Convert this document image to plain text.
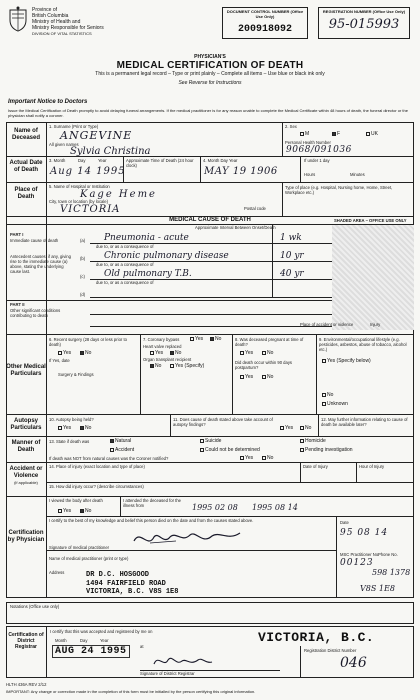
Province of
British Columbia
Ministry of Health and
Ministry Responsible for Seniors
DIVISION OF VITAL STATISTICS
DOCUMENT CONTROL NUMBER (Office Use Only)
200918092
REGISTRATION NUMBER (Office Use Only)
95-015993
PHYSICIAN'S
MEDICAL CERTIFICATION OF DEATH
This is a permanent legal record – Type or print plainly – Complete all items – Use blue or black ink only
See Reverse for Instructions
Important Notice to Doctors
Issue the Medical Certification of Death promptly to avoid delaying funeral arrangements. If the medical practitioner is for any reason unable to complete the Medical Certificate within 48 hours of death, the funeral director or the physician shall notify a coroner.
Name of Deceased
1. Surname (Print or Type)
ANGEVINE
All given names
Sylvia Christina
2. Sex
M	F	UK
Personal Health Number
9068/091036
Actual Date of Death
3. Month	Day	Year
Aug 14 1995
Approximate Time of Death (24 hour clock)
4. Month Day Year
MAY 19 1906
If under 1 day
Hours	Minutes
Place of Death
5. Name of Hospital or Institution
Kage Heme
City, town or location (by locale)
VICTORIA	Postal code
Type of place (e.g. Hospital, Nursing home, Home, Street, Workplace etc.)
MEDICAL CAUSE OF DEATH	SHADED AREA – OFFICE USE ONLY
Approximate Interval Between Onset/Death
PART I
Immediate cause of death
Antecedent causes, if any, giving rise to the immediate cause (a) above, stating the underlying cause last.
(a) Pneumonia - acute	1 wk
due to, or as a consequence of
(b) Chronic pulmonary disease	10 yr
due to, or as a consequence of
(c) Old pulmonary T.B.	40 yr
due to, or as a consequence of
(d)
PART II
Other significant conditions contributing to death
Place of accident or violence	Injury
Other Medical Particulars
6. Recent surgery (28 days or less prior to death)
Yes	No
If Yes, date
Surgery & Findings
7. Coronary bypass	Yes	No
Heart valve replaced
Yes	No
Organ transplant recipient
No	Yes (Specify)
8. Was deceased pregnant at time of death?
Yes	No
Did death occur within 90 days postpartum?
Yes	No
9. Environmental/occupational lifestyle (e.g. pesticides, asbestos, abuse of tobacco, alcohol etc.)
Yes (Specify below)
No
Unknown
Autopsy Particulars
10. Autopsy being held?
Yes	No
11. Does cause of death stated above take account of autopsy findings?
Yes	No
12. May further information relating to cause of death be available later?
Manner of Death
13. State if death was	Natural	Suicide	Homicide
Accident	Could not be determined	Pending investigation
If death was NOT from natural causes was the Coroner notified?	Yes	No
Accident or Violence
(if applicable)
14. Place of injury (exact location and type of place)	Date of Injury	Hour of Injury
15. How did injury occur? (describe circumstances)
Certification by Physician
I viewed the body after death
Yes	No
I attended the deceased for the illness from	1995 02 08 1995 08 14
I certify to the best of my knowledge and belief this person died on the date and from the causes stated above.
Signature of medical practitioner
Name of medical practitioner (print or type)
Address	DR D.C. HOSGOOD
1494 FAIRFIELD ROAD
VICTORIA, B.C. V8S 1E8
Date
95 08 14
MSC Practitioner No.
00123
Phone No.
598 1378
V8S 1E8
Notations (Office use only)
Certification of District Registrar
I certify that this was accepted and registered by me on
Month	Day	Year
AUG 24 1995	at
VICTORIA, B.C.
Signature of District Registrar
Registration District Number
046
HLTH 436A REV 2/12
IMPORTANT: Any change or correction made in the completion of this form must be initialled by the person certifying this original information.
